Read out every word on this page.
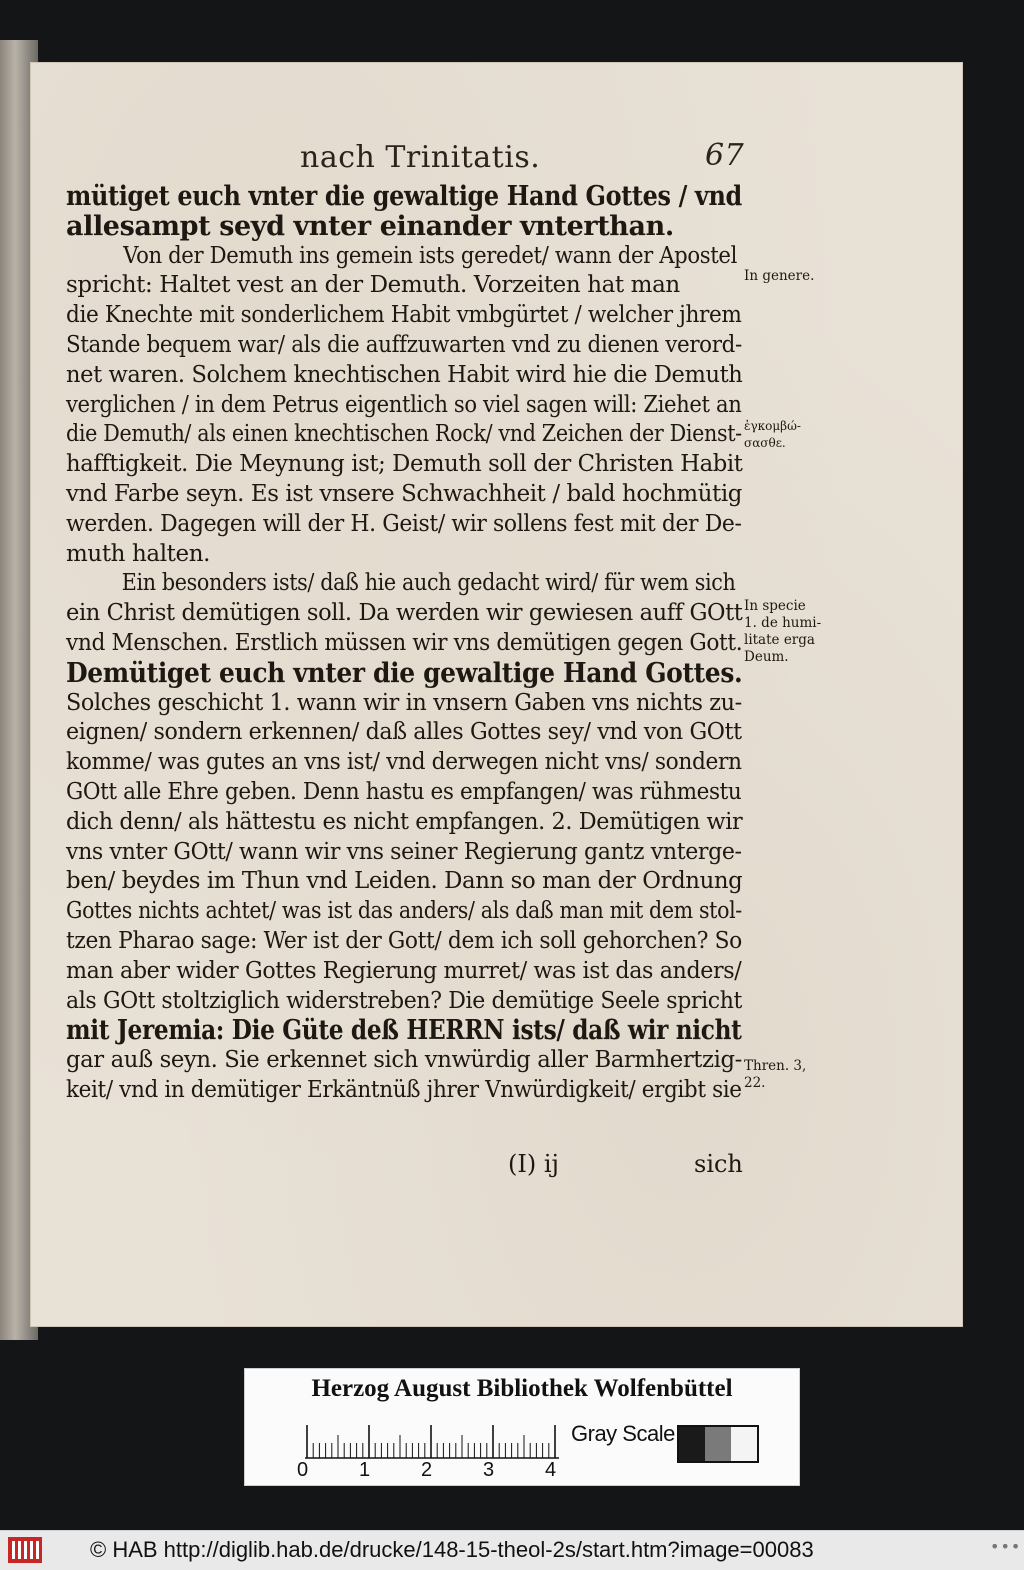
nach Trinitatis.	67
mütiget euch vnter die gewaltige Hand Gottes / vnd
allesampt seyd vnter einander vnterthan.
Von der Demuth ins gemein ists geredet/ wann der Apostel
spricht: Haltet vest an der Demuth. Vorzeiten hat man
die Knechte mit sonderlichem Habit vmbgürtet / welcher jhrem
Stande bequem war/ als die auffzuwarten vnd zu dienen verord-
net waren. Solchem knechtischen Habit wird hie die Demuth
verglichen / in dem Petrus eigentlich so viel sagen will: Ziehet an
die Demuth/ als einen knechtischen Rock/ vnd Zeichen der Dienst-
hafftigkeit. Die Meynung ist; Demuth soll der Christen Habit
vnd Farbe seyn. Es ist vnsere Schwachheit / bald hochmütig
werden. Dagegen will der H. Geist/ wir sollens fest mit der De-
muth halten.
Ein besonders ists/ daß hie auch gedacht wird/ für wem sich
ein Christ demütigen soll. Da werden wir gewiesen auff GOtt
vnd Menschen. Erstlich müssen wir vns demütigen gegen Gott.
Demütiget euch vnter die gewaltige Hand Gottes.
Solches geschicht 1. wann wir in vnsern Gaben vns nichts zu-
eignen/ sondern erkennen/ daß alles Gottes sey/ vnd von GOtt
komme/ was gutes an vns ist/ vnd derwegen nicht vns/ sondern
GOtt alle Ehre geben. Denn hastu es empfangen/ was rühmestu
dich denn/ als hättestu es nicht empfangen. 2. Demütigen wir
vns vnter GOtt/ wann wir vns seiner Regierung gantz vnterge-
ben/ beydes im Thun vnd Leiden. Dann so man der Ordnung
Gottes nichts achtet/ was ist das anders/ als daß man mit dem stol-
tzen Pharao sage: Wer ist der Gott/ dem ich soll gehorchen? So
man aber wider Gottes Regierung murret/ was ist das anders/
als GOtt stoltziglich widerstreben? Die demütige Seele spricht
mit Jeremia: Die Güte deß HERRN ists/ daß wir nicht
gar auß seyn. Sie erkennet sich vnwürdig aller Barmhertzig-
keit/ vnd in demütiger Erkäntnüß jhrer Vnwürdigkeit/ ergibt sie
In genere.
ἐγκομβώ-
σασθε.
In specie
1. de humi-
litate erga
Deum.
Thren. 3,
22.
(I) ij	sich
Herzog August Bibliothek Wolfenbüttel
0	1	2	3	4
Gray Scale
© HAB http://diglib.hab.de/drucke/148-15-theol-2s/start.htm?image=00083	•••
